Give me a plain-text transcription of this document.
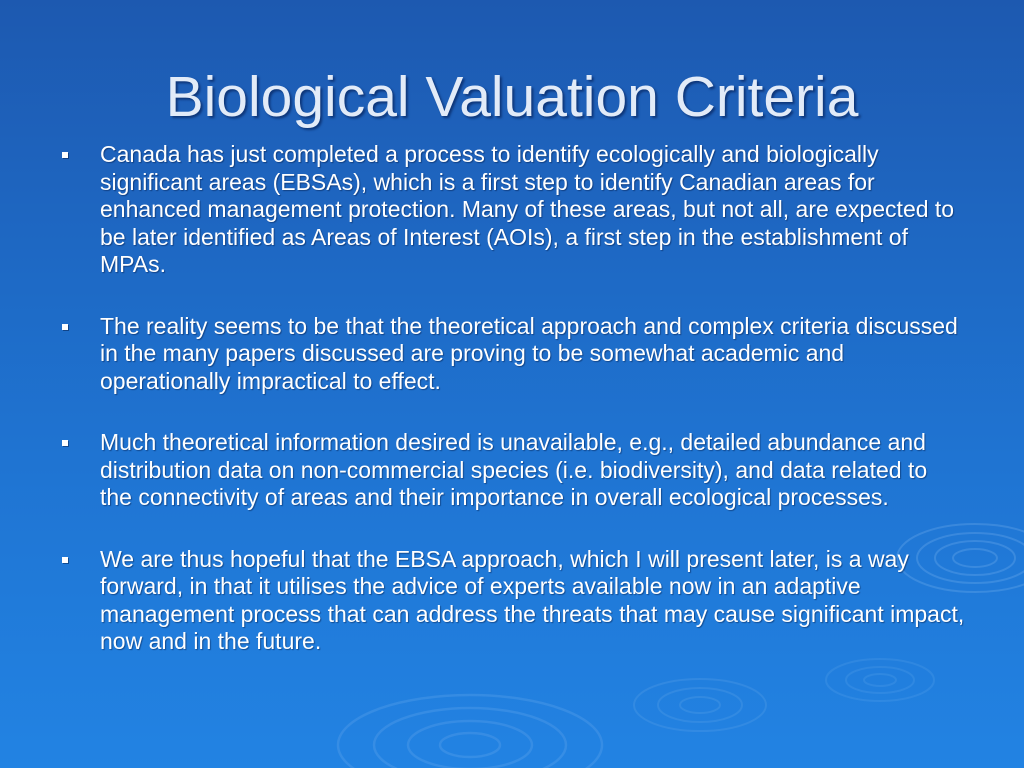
Biological Valuation Criteria
Canada has just completed a process to identify ecologically and biologically significant areas (EBSAs), which is a first step to identify Canadian areas for enhanced management protection. Many of these areas, but not all, are expected to be later identified as Areas of Interest (AOIs), a first step in the establishment of MPAs.
The reality seems to be that the theoretical approach and complex criteria discussed in the many papers discussed are proving to be somewhat academic and operationally impractical to effect.
Much theoretical information desired is unavailable, e.g., detailed abundance and distribution data on non-commercial species (i.e. biodiversity), and data related to the connectivity of areas and their importance in overall ecological processes.
We are thus hopeful that the EBSA approach, which I will present later, is a way forward, in that it utilises the advice of experts available now in an adaptive management process that can address the threats that may cause significant impact, now and in the future.
